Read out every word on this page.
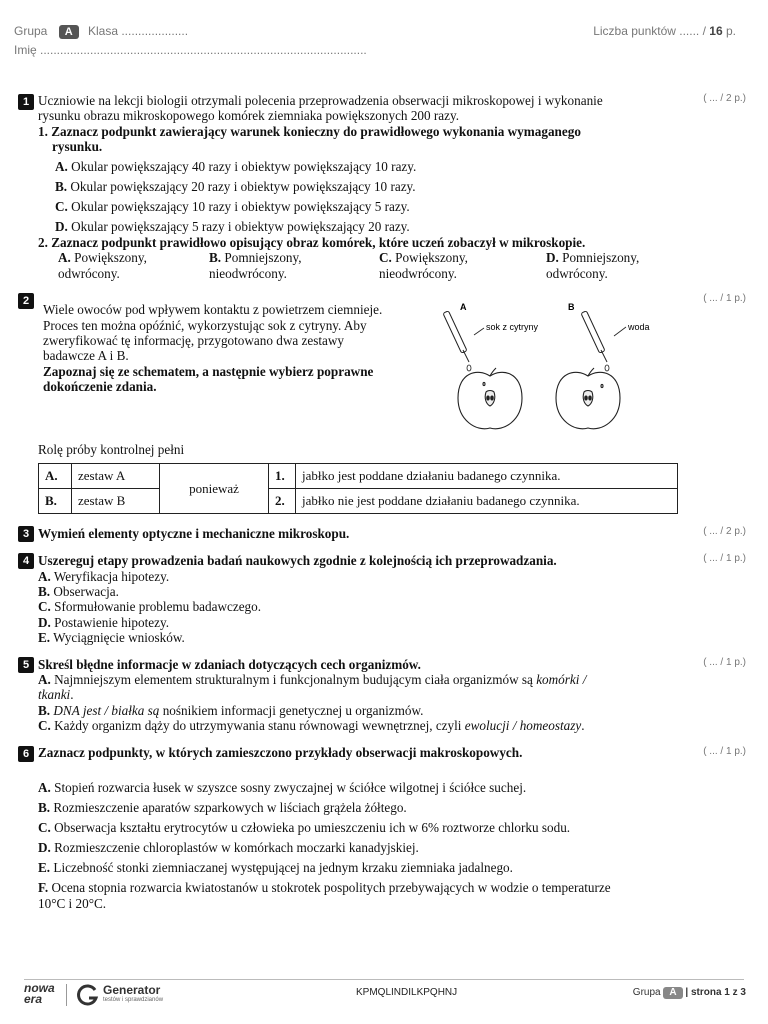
Grupa A Klasa ....................	Liczba punktów ...... / 16 p.
Imię ..................................................................................................
1	( ... / 2 p.)
Uczniowie na lekcji biologii otrzymali polecenia przeprowadzenia obserwacji mikroskopowej i wykonanie
rysunku obrazu mikroskopowego komórek ziemniaka powiększonych 200 razy.
1. Zaznacz podpunkt zawierający warunek konieczny do prawidłowego wykonania wymaganego
rysunku.
A. Okular powiększający 40 razy i obiektyw powiększający 10 razy.
B. Okular powiększający 20 razy i obiektyw powiększający 10 razy.
C. Okular powiększający 10 razy i obiektyw powiększający 5 razy.
D. Okular powiększający 5 razy i obiektyw powiększający 20 razy.
2. Zaznacz podpunkt prawidłowo opisujący obraz komórek, które uczeń zobaczył w mikroskopie.
A. Powiększony,
odwrócony.
B. Pomniejszony,
nieodwrócony.
C. Powiększony,
nieodwrócony.
D. Pomniejszony,
odwrócony.
2	( ... / 1 p.)
Wiele owoców pod wpływem kontaktu z powietrzem ciemnieje.
Proces ten można opóźnić, wykorzystując sok z cytryny. Aby
zweryfikować tę informację, przygotowano dwa zestawy
badawcze A i B.
Zapoznaj się ze schematem, a następnie wybierz poprawne
dokończenie zdania.
A	B
sok z cytryny	woda
Rolę próby kontrolnej pełni
A.	zestaw A	ponieważ	1.	jabłko jest poddane działaniu badanego czynnika.
B.	zestaw B		2.	jabłko nie jest poddane działaniu badanego czynnika.
3	( ... / 2 p.)
Wymień elementy optyczne i mechaniczne mikroskopu.
4	( ... / 1 p.)
Uszereguj etapy prowadzenia badań naukowych zgodnie z kolejnością ich przeprowadzania.
A. Weryfikacja hipotezy.
B. Obserwacja.
C. Sformułowanie problemu badawczego.
D. Postawienie hipotezy.
E. Wyciągnięcie wniosków.
5	( ... / 1 p.)
Skreśl błędne informacje w zdaniach dotyczących cech organizmów.
A. Najmniejszym elementem strukturalnym i funkcjonalnym budującym ciała organizmów są komórki /
tkanki.
B. DNA jest / białka są nośnikiem informacji genetycznej u organizmów.
C. Każdy organizm dąży do utrzymywania stanu równowagi wewnętrznej, czyli ewolucji / homeostazy.
6	( ... / 1 p.)
Zaznacz podpunkty, w których zamieszczono przykłady obserwacji makroskopowych.
A. Stopień rozwarcia łusek w szyszce sosny zwyczajnej w ściółce wilgotnej i ściółce suchej.
B. Rozmieszczenie aparatów szparkowych w liściach grążela żółtego.
C. Obserwacja kształtu erytrocytów u człowieka po umieszczeniu ich w 6% roztworze chlorku sodu.
D. Rozmieszczenie chloroplastów w komórkach moczarki kanadyjskiej.
E. Liczebność stonki ziemniaczanej występującej na jednym krzaku ziemniaka jadalnego.
F. Ocena stopnia rozwarcia kwiatostanów u stokrotek pospolitych przebywających w wodzie o temperaturze
10°C i 20°C.
nowa
era
Generator
testów i sprawdzianów
KPMQLINDILKPQHNJ	Grupa A | strona 1 z 3
